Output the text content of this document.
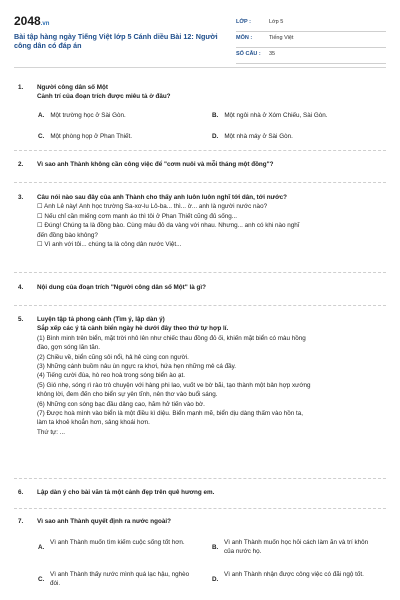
2048.vn
Bài tập hàng ngày Tiếng Việt lớp 5 Cánh diều Bài 12: Người công dân có đáp án
LỚP :	Lớp 5
MÔN :	Tiếng Việt
SỐ CÂU : 35
1. Người công dân số Một
Cảnh trí của đoạn trích được miêu tả ở đâu?
A. Một trường học ở Sài Gòn.	B. Một ngôi nhà ở Xóm Chiếu, Sài Gòn.
C. Một phòng họp ở Phan Thiết.	D. Một nhà máy ở Sài Gòn.
2. Vì sao anh Thành không cần công việc để "cơm nuôi và mỗi tháng một đồng"?
3. Câu nói nào sau đây của anh Thành cho thấy anh luôn luôn nghĩ tới dân, tới nước?
☐ Anh Lê này! Anh học trường Sa-xơ-lu Lô-ba... thì... ờ... anh là người nước nào?
☐ Nếu chỉ cần miếng cơm manh áo thì tôi ở Phan Thiết cũng đủ sống...
☐ Đúng! Chúng ta là đồng bào. Cùng máu đỏ da vàng với nhau. Nhưng... anh có khi nào nghĩ
đến đồng bào không?
☐ Vì anh với tôi... chúng ta là công dân nước Việt...
4. Nội dung của đoạn trích "Người công dân số Một" là gì?
5. Luyện tập tả phong cảnh (Tìm ý, lập dàn ý)
Sắp xếp các ý tả cảnh biển ngày hè dưới đây theo thứ tự hợp lí.
(1) Bình minh trên biển, mặt trời nhô lên như chiếc thau đồng đỏ ối, khiến mặt biển có màu hồng
đào, gợn sóng lăn tăn.
(2) Chiều về, biển cũng sôi nổi, hả hê cùng con người.
(3) Những cánh buồm nâu ùn ngực ra khơi, hứa hẹn những mẻ cá đầy.
(4) Tiếng cười đùa, hò reo hoà trong sóng biển ào ạt.
(5) Gió nhẹ, sóng rì rào trò chuyện với hàng phi lao, vuốt ve bờ bãi, tạo thành một bản hợp xướng
không lời, đem đến cho biển sự yên tĩnh, nên thơ vào buổi sáng.
(6) Những con sóng bạc đầu dâng cao, hăm hở tiến vào bờ.
(7) Được hoà mình vào biển là một điều kì diệu. Biển mạnh mẽ, biển dịu dàng thấm vào hồn ta,
làm ta khoẻ khoắn hơn, sảng khoái hơn.
Thứ tự: ...
6. Lập dàn ý cho bài văn tả một cảnh đẹp trên quê hương em.
7. Vì sao anh Thành quyết định ra nước ngoài?
A.
Vì anh Thành muốn tìm kiếm cuộc sống tốt hơn.
B.
Vì anh Thành muốn học hỏi cách làm ăn và trí khôn của nước họ.
C.
Vì anh Thành thấy nước mình quá lạc hậu, nghèo đói.
D.
Vì anh Thành nhận được công việc có đãi ngộ tốt.
